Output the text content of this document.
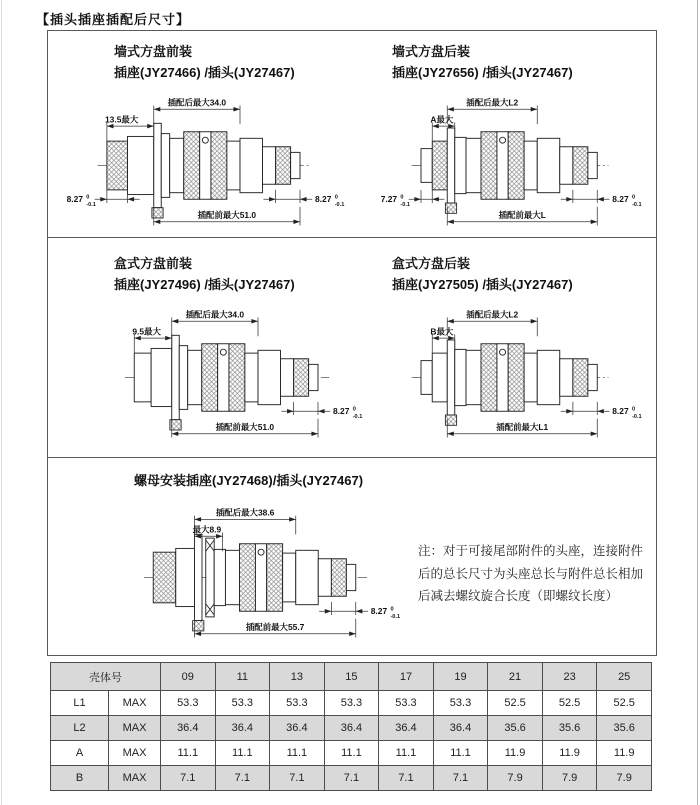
【插头插座插配后尺寸】
墙式方盘前装
插座(JY27466) /插头(JY27467)
插配后最大34.0
13.5最大
8.27 0
-0.1
8.27 0
-0.1
插配前最大51.0
墙式方盘后装
插座(JY27656) /插头(JY27467)
插配后最大L2
A最大
7.27 0
-0.1
8.27 0
-0.1
插配前最大L
盒式方盘前装
插座(JY27496) /插头(JY27467)
插配后最大34.0
9.5最大
8.27 0
-0.1
插配前最大51.0
盒式方盘后装
插座(JY27505) /插头(JY27467)
插配后最大L2
B最大
8.27 0
-0.1
插配前最大L1
螺母安装插座(JY27468)/插头(JY27467)
插配后最大38.6
最大8.9
8.27 0
-0.1
插配前最大55.7
注：对于可接尾部附件的头座，连接附件后的总长尺寸为头座总长与附件总长相加后减去螺纹旋合长度（即螺纹长度）
壳体号		09	11	13	15	17	19	21	23	25
L1	MAX	53.3	53.3	53.3	53.3	53.3	53.3	52.5	52.5	52.5
L2	MAX	36.4	36.4	36.4	36.4	36.4	36.4	35.6	35.6	35.6
A	MAX	11.1	11.1	11.1	11.1	11.1	11.1	11.9	11.9	11.9
B	MAX	7.1	7.1	7.1	7.1	7.1	7.1	7.9	7.9	7.9
